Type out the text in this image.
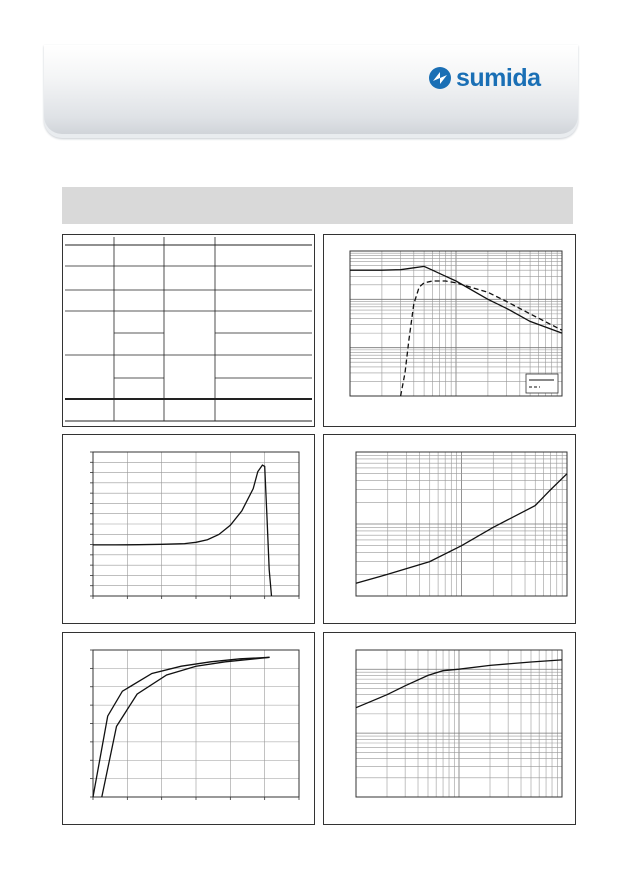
sumida
